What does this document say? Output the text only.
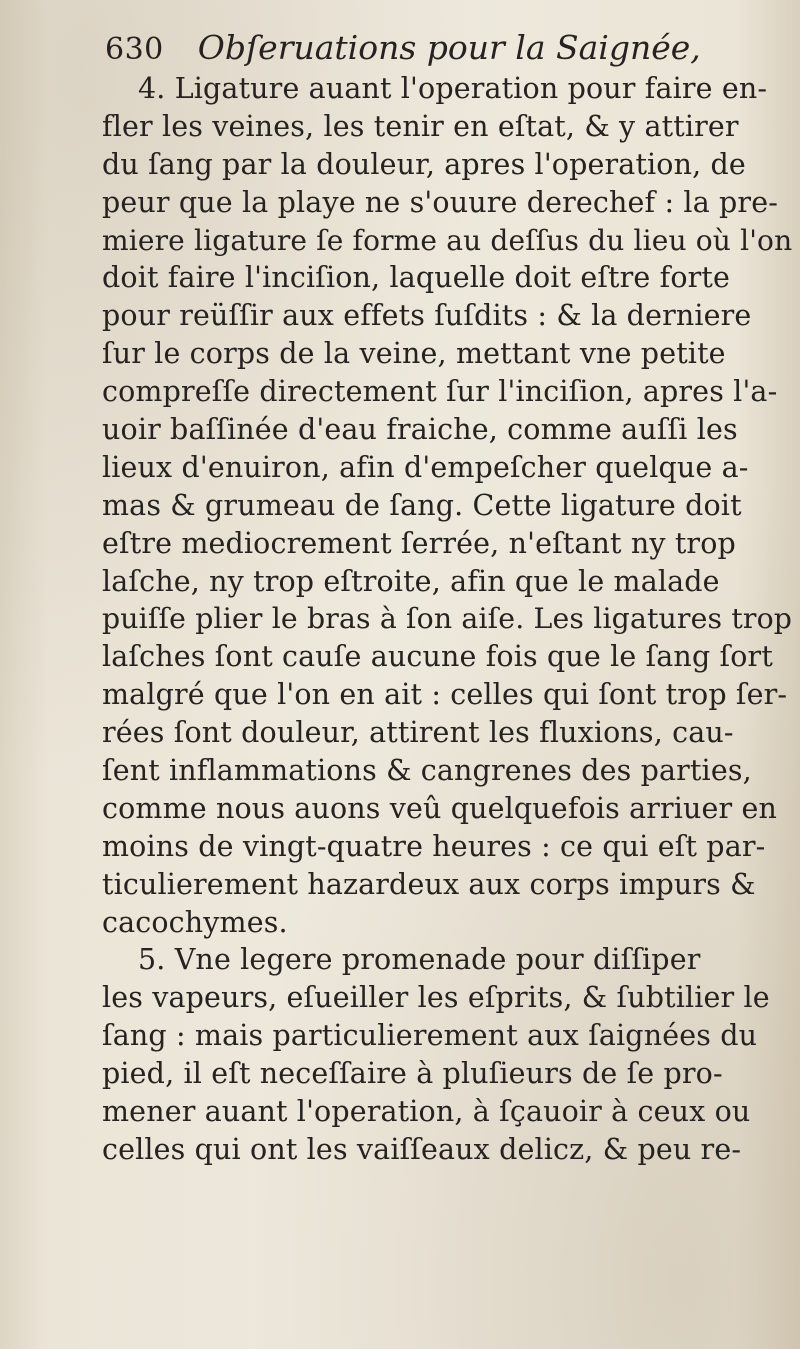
630 Obſeruations pour la Saignée,
4. Ligature auant l'operation pour faire en-
fler les veines, les tenir en eſtat, & y attirer
du ſang par la douleur, apres l'operation, de
peur que la playe ne s'ouure derechef : la pre-
miere ligature ſe forme au deſſus du lieu où l'on
doit faire l'inciſion, laquelle doit eſtre forte
pour reüſſir aux effets ſuſdits : & la derniere
ſur le corps de la veine, mettant vne petite
compreſſe directement ſur l'inciſion, apres l'a-
uoir baſſinée d'eau fraiche, comme auſſi les
lieux d'enuiron, afin d'empeſcher quelque a-
mas & grumeau de ſang. Cette ligature doit
eſtre mediocrement ſerrée, n'eſtant ny trop
laſche, ny trop eſtroite, afin que le malade
puiſſe plier le bras à ſon aiſe. Les ligatures trop
laſches ſont cauſe aucune fois que le ſang ſort
malgré que l'on en ait : celles qui ſont trop ſer-
rées ſont douleur, attirent les fluxions, cau-
ſent inflammations & cangrenes des parties,
comme nous auons veû quelquefois arriuer en
moins de vingt-quatre heures : ce qui eſt par-
ticulierement hazardeux aux corps impurs &
cacochymes.
5. Vne legere promenade pour diſſiper
les vapeurs, eſueiller les eſprits, & ſubtilier le
ſang : mais particulierement aux ſaignées du
pied, il eſt neceſſaire à pluſieurs de ſe pro-
mener auant l'operation, à ſçauoir à ceux ou
celles qui ont les vaiſſeaux delicz, & peu re-
